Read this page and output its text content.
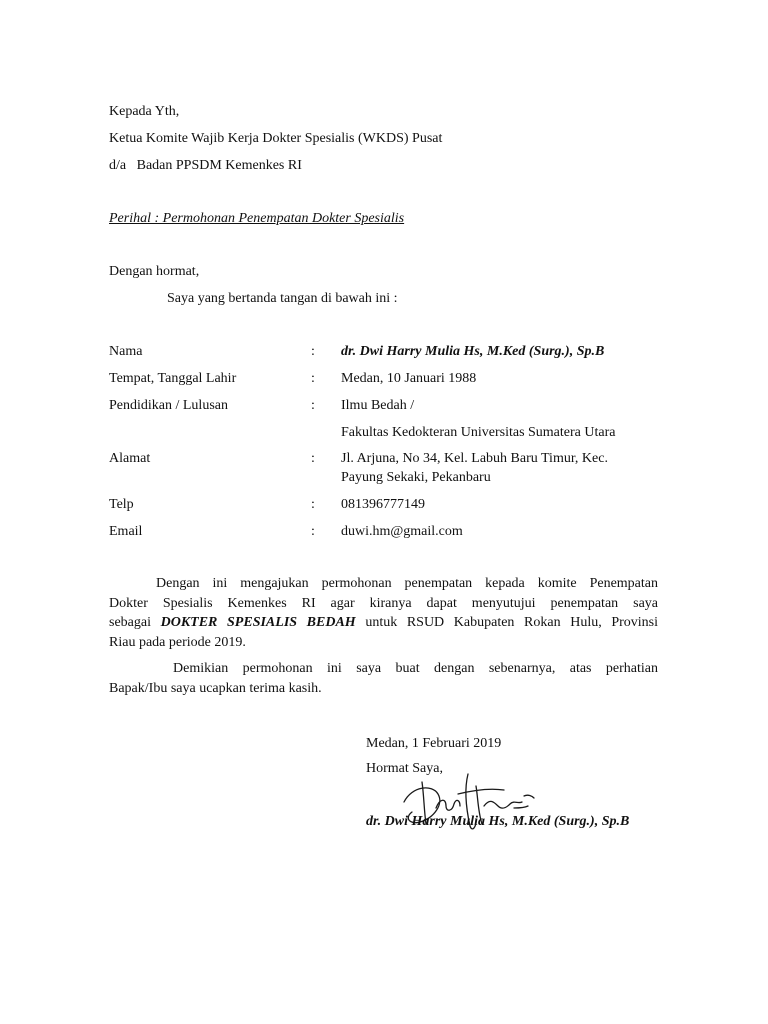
Kepada Yth,
Ketua Komite Wajib Kerja Dokter Spesialis (WKDS) Pusat
d/a   Badan PPSDM Kemenkes RI
Perihal : Permohonan Penempatan Dokter Spesialis
Dengan hormat,
Saya yang bertanda tangan di bawah ini :
Nama	: dr. Dwi Harry Mulia Hs, M.Ked (Surg.), Sp.B
Tempat, Tanggal Lahir	: Medan, 10 Januari 1988
Pendidikan / Lulusan	: Ilmu Bedah /
Fakultas Kedokteran Universitas Sumatera Utara
Alamat	: Jl. Arjuna, No 34, Kel. Labuh Baru Timur, Kec.
Payung Sekaki, Pekanbaru
Telp	: 081396777149
Email	: duwi.hm@gmail.com
Dengan ini mengajukan permohonan penempatan kepada komite Penempatan
Dokter Spesialis Kemenkes RI agar kiranya dapat menyutujui penempatan saya
sebagai DOKTER SPESIALIS BEDAH untuk RSUD Kabupaten Rokan Hulu, Provinsi
Riau pada periode 2019.
Demikian permohonan ini saya buat dengan sebenarnya, atas perhatian
Bapak/Ibu saya ucapkan terima kasih.
Medan, 1 Februari 2019
Hormat Saya,
dr. Dwi Harry Mulia Hs, M.Ked (Surg.), Sp.B
